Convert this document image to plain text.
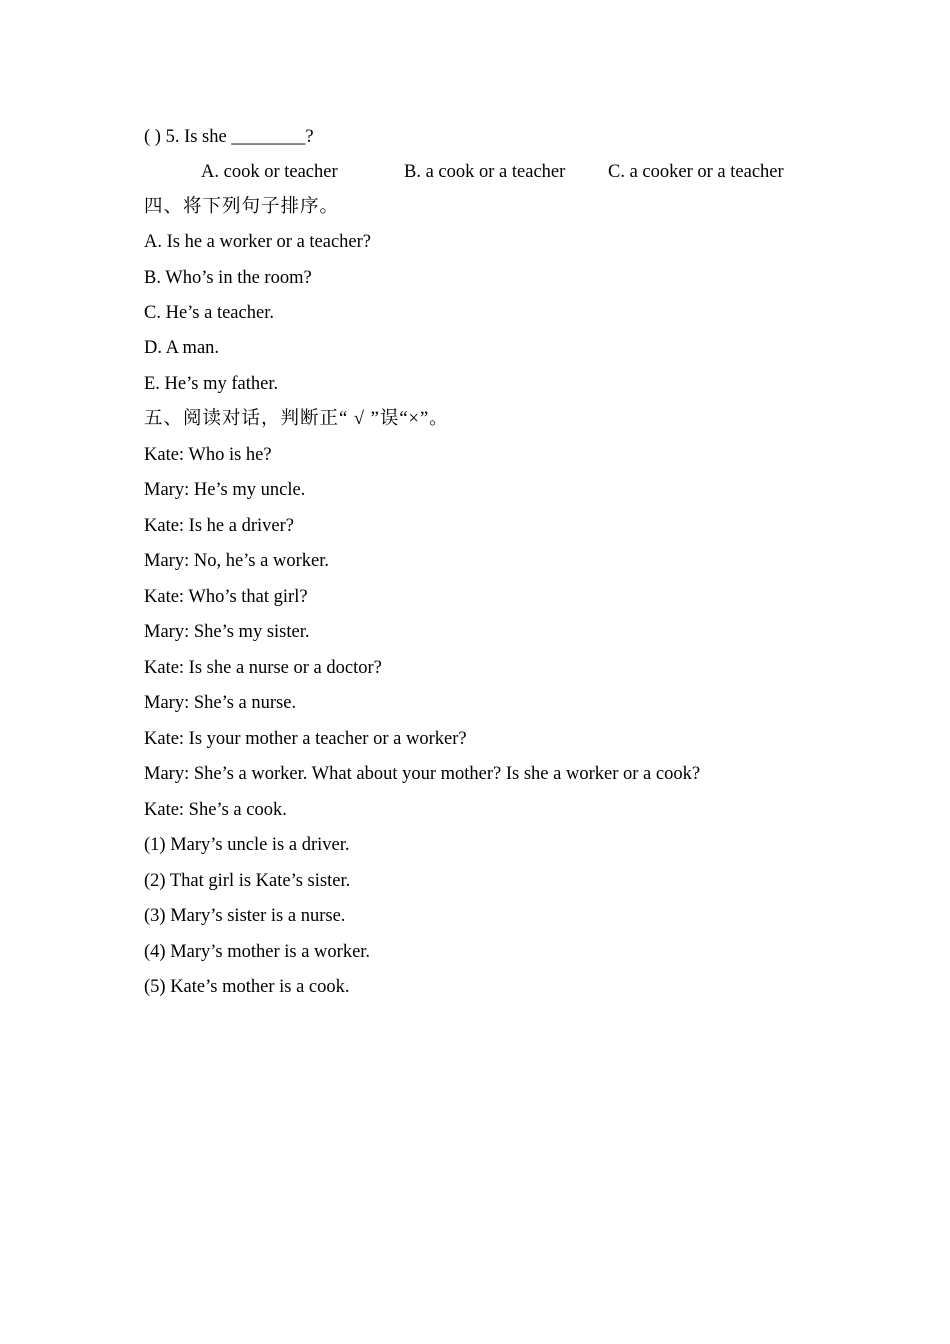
( ) 5. Is she ________?
A. cook or teacher	B. a cook or a teacher C. a cooker or a teacher
四、将下列句子排序。
A. Is he a worker or a teacher?
B. Who’s in the room?
C. He’s a teacher.
D. A man.
E. He’s my father.
五、阅读对话，判断正“ √ ”误“×”。
Kate: Who is he?
Mary: He’s my uncle.
Kate: Is he a driver?
Mary: No, he’s a worker.
Kate: Who’s that girl?
Mary: She’s my sister.
Kate: Is she a nurse or a doctor?
Mary: She’s a nurse.
Kate: Is your mother a teacher or a worker?
Mary: She’s a worker. What about your mother? Is she a worker or a cook?
Kate: She’s a cook.
(1) Mary’s uncle is a driver.
(2) That girl is Kate’s sister.
(3) Mary’s sister is a nurse.
(4) Mary’s mother is a worker.
(5) Kate’s mother is a cook.
